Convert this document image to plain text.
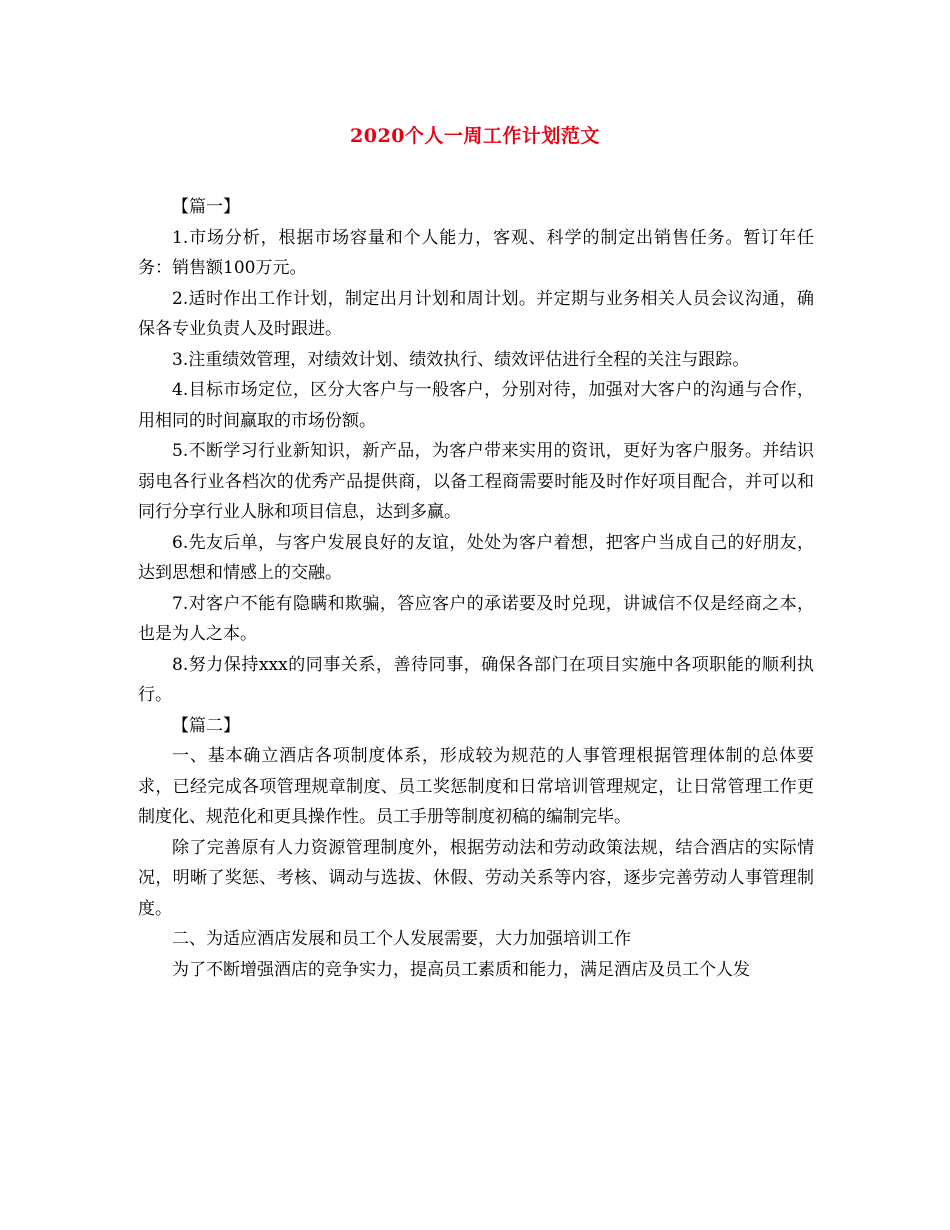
2020个人一周工作计划范文

【篇一】

1.市场分析，根据市场容量和个人能力，客观、科学的制定出销售任务。暂订年任务：销售额100万元。

2.适时作出工作计划，制定出月计划和周计划。并定期与业务相关人员会议沟通，确保各专业负责人及时跟进。

3.注重绩效管理，对绩效计划、绩效执行、绩效评估进行全程的关注与跟踪。

4.目标市场定位，区分大客户与一般客户，分别对待，加强对大客户的沟通与合作，用相同的时间赢取的市场份额。

5.不断学习行业新知识，新产品，为客户带来实用的资讯，更好为客户服务。并结识弱电各行业各档次的优秀产品提供商，以备工程商需要时能及时作好项目配合，并可以和同行分享行业人脉和项目信息，达到多赢。

6.先友后单，与客户发展良好的友谊，处处为客户着想，把客户当成自己的好朋友，达到思想和情感上的交融。

7.对客户不能有隐瞒和欺骗，答应客户的承诺要及时兑现，讲诚信不仅是经商之本，也是为人之本。

8.努力保持xxx的同事关系，善待同事，确保各部门在项目实施中各项职能的顺利执行。

【篇二】

一、基本确立酒店各项制度体系，形成较为规范的人事管理根据管理体制的总体要求，已经完成各项管理规章制度、员工奖惩制度和日常培训管理规定，让日常管理工作更制度化、规范化和更具操作性。员工手册等制度初稿的编制完毕。

除了完善原有人力资源管理制度外，根据劳动法和劳动政策法规，结合酒店的实际情况，明晰了奖惩、考核、调动与选拔、休假、劳动关系等内容，逐步完善劳动人事管理制度。

二、为适应酒店发展和员工个人发展需要，大力加强培训工作

为了不断增强酒店的竞争实力，提高员工素质和能力，满足酒店及员工个人发
